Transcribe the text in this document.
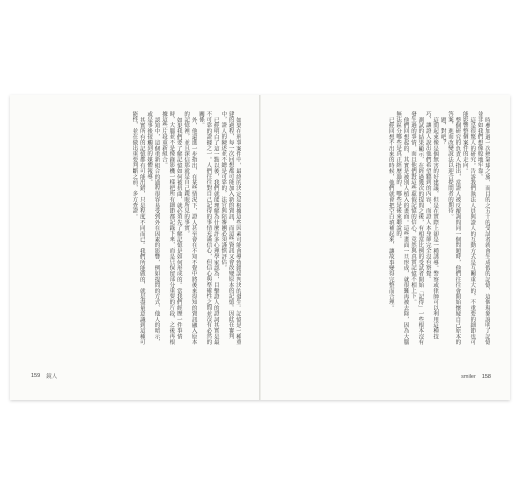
如果在刑事案件中，最終的決定是根據這些因素可能會導致錯誤判決的發生。記憶是一種重建的過程，每一次回想都可能加入新的資訊，而這些資訊又會改變原本的記憶。因此在審判中，證人的陳述並不總是可靠的，法官與陪審團必須謹慎評估。

已經明白了這一點以後，我們就能理解為什麼許多心理學家認為，目擊證人的證詞其實是最不可靠的證據之一。人們往往對自己記得的事情充滿信心，但信心與準確性之間並沒有必然的關係。

外，他還進一步指出，在某些情況下，證人甚至會在不知不覺中將後來得知的資訊融入原本的記憶裡，並且深信那就是自己親眼所見的事實。

如果我們要了解記憶如何被扭曲，就必須先了解記憶是如何形成的。當我們經歷一件事情時，大腦並不是像錄影機一樣把所有細節都記錄下來，而是只保留部分重要的片段，之後再根據這些片段重新組合。

認知中，這個重新組合的過程很容易受到外在因素的影響，例如提問的方式、他人的暗示，或是事後接觸到的媒體報導。

其實所有的記憶都有可能出錯，只是程度不同而已。我們所能做的，就是盡量意識到這種可能性，並在做出重要判斷之前，多方查證。

159 鏡人

時參加過一次熱氣球之旅，而目的之五十的受試者就會生成假的記憶，這個現象說明了記憶並非如我們想像般地牢靠。

這是很驚人的研究。告訴我們執法人員與證人的互動方式是互關重大的，不重要的細節也可能影響整個案件的走向。

整個研究的負責人指出，當證人被反覆詢問同一個問題時，他們往往會開始懷疑自己原本的答案，進而改變說法以迎合提問者的期待。

題，對吧？

這問起來像是個無害的好建議，但是在實際上卻是一種誘導。警察或律師可以利用這種技巧，讓證人說出他們希望聽到的內容，而證人本身卻完全沒有察覺。

測試的結果顯示，在經過幾次的提問之後，有相當比例的受試者開始「記得」一些根本沒有發生過的事情，而且他們對這些虛假記憶的信心，竟然與真實記憶不相上下。

他們回想起的，其實是被別人植入的畫面。這些畫面一旦形成，就很難再被去除，因為大腦無法區分哪些是真正經歷過的，哪些是後來聽說的。

已經回想不出來的時候，他們就會把空白填補起來，讓故事變得完整而合理。

smiler 158
